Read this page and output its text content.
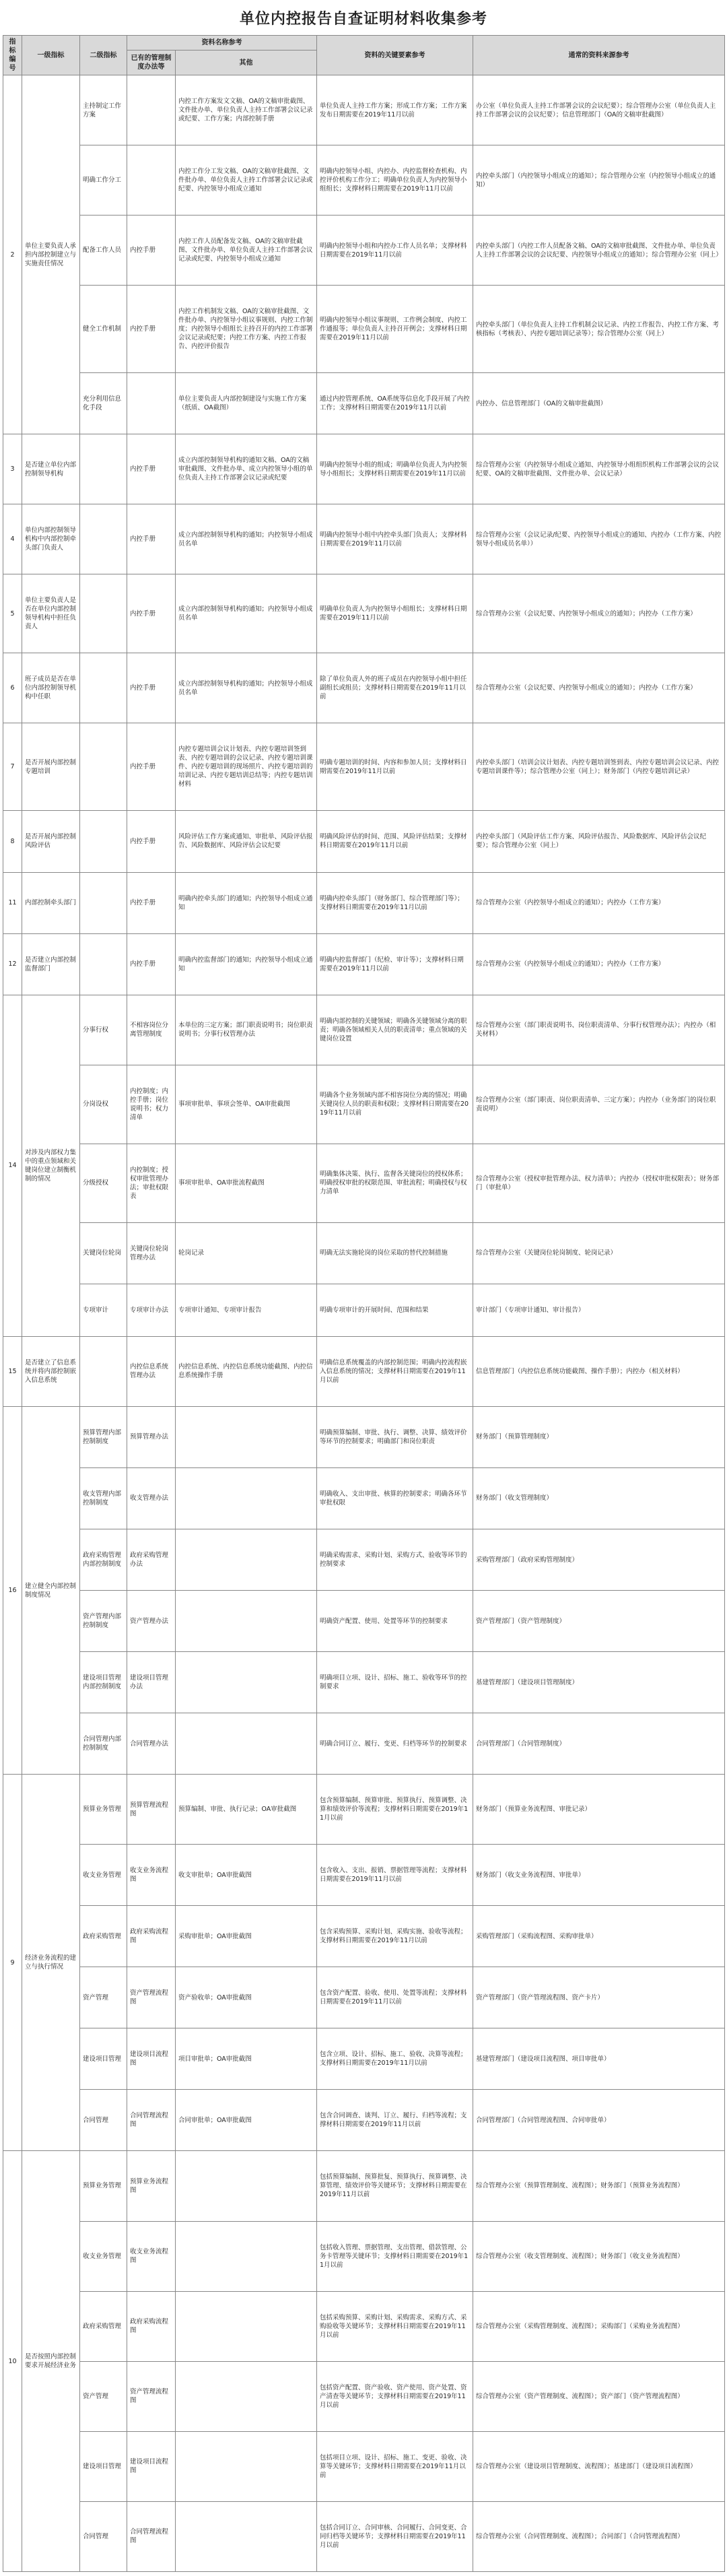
单位内控报告自查证明材料收集参考
指标编号	一级指标	二级指标	资料名称参考		资料的关键要素参考	通常的资料来源参考
			已有的管理制度办法等	其他		
2	单位主要负责人承担内部控制建立与实施责任情况	主持制定工作方案		内控工作方案发文文稿、OA的文稿审批截图、文件批办单、单位负责人主持工作部署会议记录或纪要、工作方案；内部控制手册	单位负责人主持工作方案；形成工作方案；工作方案发布日期需要在2019年11月以前	办公室（单位负责人主持工作部署会议的会议纪要）；综合管理办公室（单位负责人主持工作部署会议的会议纪要）；信息管理部门（OA的文稿审批截图）
		明确工作分工		内控工作分工发文稿、OA的文稿审批截图、文件批办单、单位负责人主持工作部署会议记录或纪要、内控领导小组成立通知	明确内控领导小组、内控办、内控监督检查机构、内控评价机构工作分工；明确单位负责人为内控领导小组组长；支撑材料日期需要在2019年11月以前	内控牵头部门（内控领导小组成立的通知）；综合管理办公室（内控领导小组成立的通知）
		配备工作人员	内控手册	内控工作人员配备发文稿、OA的文稿审批截图、文件批办单、单位负责人主持工作部署会议记录或纪要、内控领导小组成立通知	明确内控领导小组和内控办工作人员名单；支撑材料日期需要在2019年11月以前	内控牵头部门（内控工作人员配备文稿、OA的文稿审批截图、文件批办单、单位负责人主持工作部署会议的会议纪要、内控领导小组成立的通知）；综合管理办公室（同上）
		健全工作机制	内控手册	内控工作机制发文稿、OA的文稿审批截图、文件批办单、内控领导小组议事规则、内控工作制度；内控领导小组组长主持召开的内控工作部署会议记录或纪要；内控工作方案、内控工作报告、内控评价报告	明确内控领导小组议事规则、工作例会制度、内控工作通报等；单位负责人主持召开例会；支撑材料日期需要在2019年11月以前	内控牵头部门（单位负责人主持工作机制会议记录、内控工作报告、内控工作方案、考核指标（考核表）、内控专题培训记录等）；综合管理办公室（同上）
		充分利用信息化手段		单位主要负责人内部控制建设与实施工作方案（纸质、OA截图）	通过内控管理系统、OA系统等信息化手段开展了内控工作；支撑材料日期需要在2019年11月以前	内控办、信息管理部门（OA的文稿审批截图）
3	是否建立单位内部控制领导机构		内控手册	成立内部控制领导机构的通知文稿、OA的文稿审批截图、文件批办单、成立内控领导小组的单位负责人主持工作部署会议记录或纪要	明确内控领导小组的组成；明确单位负责人为内控领导小组组长；支撑材料日期需要在2019年11月以前	综合管理办公室（内控领导小组成立通知、内控领导小组组织机构工作部署会议的会议纪要、OA的文稿审批截图、文件批办单、会议记录）
4	单位内部控制领导机构中内部控制牵头部门负责人		内控手册	成立内部控制领导机构的通知；内控领导小组成员名单	明确内控领导小组中内控牵头部门负责人；支撑材料日期需要在2019年11月以前	综合管理办公室（会议记录/纪要、内控领导小组成立的通知、内控办（工作方案、内控领导小组成员名单））
5	单位主要负责人是否在单位内部控制领导机构中担任负责人		内控手册	成立内部控制领导机构的通知；内控领导小组成员名单	明确单位负责人为内控领导小组组长；支撑材料日期需要在2019年11月以前	综合管理办公室（会议纪要、内控领导小组成立的通知）；内控办（工作方案）
6	班子成员是否在单位内部控制领导机构中任职		内控手册	成立内部控制领导机构的通知；内控领导小组成员名单	除了单位负责人外的班子成员在内控领导小组中担任副组长或组员；支撑材料日期需要在2019年11月以前	综合管理办公室（会议纪要、内控领导小组成立的通知）；内控办（工作方案）
7	是否开展内部控制专题培训		内控手册	内控专题培训会议计划表、内控专题培训签到表、内控专题培训的会议记录、内控专题培训课件、内控专题培训的现场照片、内控专题培训的培训记录、内控专题培训总结等；内控专题培训材料	明确专题培训的时间、内容和参加人员；支撑材料日期需要在2019年11月以前	内控牵头部门（培训会议计划表、内控专题培训签到表、内控专题培训会议记录、内控专题培训课件等）；综合管理办公室（同上）；财务部门（内控专题培训记录）
8	是否开展内部控制风险评估		内控手册	风险评估工作方案或通知、审批单、风险评估报告、风险数据库、风险评估会议纪要	明确风险评估的时间、范围、风险评估结果；支撑材料日期需要在2019年11月以前	内控牵头部门（风险评估工作方案、风险评估报告、风险数据库、风险评估会议纪要）；综合管理办公室（同上）
11	内部控制牵头部门		内控手册	明确内控牵头部门的通知；内控领导小组成立通知	明确内控牵头部门（财务部门、综合管理部门等）；支撑材料日期需要在2019年11月以前	综合管理办公室（内控领导小组成立的通知）；内控办（工作方案）
12	是否建立内部控制监督部门		内控手册	明确内控监督部门的通知；内控领导小组成立通知	明确内控监督部门（纪检、审计等）；支撑材料日期需要在2019年11月以前	综合管理办公室（内控领导小组成立的通知）；内控办（工作方案）
14	对涉及内部权力集中的重点领域和关键岗位建立制衡机制的情况	分事行权	不相容岗位分离管理制度	本单位的三定方案；部门职责说明书；岗位职责说明书；分事行权管理办法	明确内部控制的关键领域；明确各关键领域分离的职责；明确各领域相关人员的职责清单；重点领域的关键岗位设置	综合管理办公室（部门职责说明书、岗位职责清单、分事行权管理办法）；内控办（相关材料）
		分岗设权	内控制度；内控手册；岗位说明书；权力清单	事项审批单、事项会签单、OA审批截图	明确各个业务领域内部不相容岗位分离的情况；明确关键岗位人员的职责和权限；支撑材料日期需要在2019年11月以前	综合管理办公室（部门职责、岗位职责清单、三定方案）；内控办（业务部门的岗位职责说明）
		分级授权	内控制度；授权审批管理办法；审批权限表	事项审批单、OA审批流程截图	明确集体决策、执行、监督各关键岗位的授权体系；明确授权审批的权限范围、审批流程；明确授权与权力清单	综合管理办公室（授权审批管理办法、权力清单）；内控办（授权审批权限表）；财务部门（审批单）
		关键岗位轮岗	关键岗位轮岗管理办法	轮岗记录	明确无法实施轮岗的岗位采取的替代控制措施	综合管理办公室（关键岗位轮岗制度、轮岗记录）
		专项审计	专项审计办法	专项审计通知、专项审计报告	明确专项审计的开展时间、范围和结果	审计部门（专项审计通知、审计报告）
15	是否建立了信息系统并将内部控制嵌入信息系统		内控信息系统管理办法	内控信息系统、内控信息系统功能截图、内控信息系统操作手册	明确信息系统覆盖的内部控制范围；明确内控流程嵌入信息系统的情况；支撑材料日期需要在2019年11月以前	信息管理部门（内控信息系统功能截图、操作手册）；内控办（相关材料）
16	建立健全内部控制制度情况	预算管理内部控制制度	预算管理办法		明确预算编制、审批、执行、调整、决算、绩效评价等环节的控制要求；明确部门和岗位职责	财务部门（预算管理制度）
		收支管理内部控制制度	收支管理办法		明确收入、支出审批、核算的控制要求；明确各环节审批权限	财务部门（收支管理制度）
		政府采购管理内部控制制度	政府采购管理办法		明确采购需求、采购计划、采购方式、验收等环节的控制要求	采购管理部门（政府采购管理制度）
		资产管理内部控制制度	资产管理办法		明确资产配置、使用、处置等环节的控制要求	资产管理部门（资产管理制度）
		建设项目管理内部控制制度	建设项目管理办法		明确项目立项、设计、招标、施工、验收等环节的控制要求	基建管理部门（建设项目管理制度）
		合同管理内部控制制度	合同管理办法		明确合同订立、履行、变更、归档等环节的控制要求	合同管理部门（合同管理制度）
9	经济业务流程的建立与执行情况	预算业务管理	预算管理流程图	预算编制、审批、执行记录；OA审批截图	包含预算编制、预算审批、预算执行、预算调整、决算和绩效评价等流程；支撑材料日期需要在2019年11月以前	财务部门（预算业务流程图、审批记录）
		收支业务管理	收支业务流程图	收支审批单；OA审批截图	包含收入、支出、报销、票据管理等流程；支撑材料日期需要在2019年11月以前	财务部门（收支业务流程图、审批单）
		政府采购管理	政府采购流程图	采购审批单；OA审批截图	包含采购预算、采购计划、采购实施、验收等流程；支撑材料日期需要在2019年11月以前	采购管理部门（采购流程图、采购审批单）
		资产管理	资产管理流程图	资产验收单；OA审批截图	包含资产配置、验收、使用、处置等流程；支撑材料日期需要在2019年11月以前	资产管理部门（资产管理流程图、资产卡片）
		建设项目管理	建设项目流程图	项目审批单；OA审批截图	包含立项、设计、招标、施工、验收、决算等流程；支撑材料日期需要在2019年11月以前	基建管理部门（建设项目流程图、项目审批单）
		合同管理	合同管理流程图	合同审批单；OA审批截图	包含合同调查、谈判、订立、履行、归档等流程；支撑材料日期需要在2019年11月以前	合同管理部门（合同管理流程图、合同审批单）
10	是否按照内部控制要求开展经济业务	预算业务管理	预算业务流程图		包括预算编制、预算批复、预算执行、预算调整、决算管理、绩效评价等关键环节；支撑材料日期需要在2019年11月以前	综合管理办公室（预算管理制度、流程图）；财务部门（预算业务流程图）
		收支业务管理	收支业务流程图		包括收入管理、票据管理、支出管理、借款管理、公务卡管理等关键环节；支撑材料日期需要在2019年11月以前	综合管理办公室（收支管理制度、流程图）；财务部门（收支业务流程图）
		政府采购管理	政府采购流程图		包括采购预算、采购计划、采购需求、采购方式、采购验收等关键环节；支撑材料日期需要在2019年11月以前	综合管理办公室（采购管理制度、流程图）；采购部门（采购业务流程图）
		资产管理	资产管理流程图		包括资产配置、资产验收、资产使用、资产处置、资产清查等关键环节；支撑材料日期需要在2019年11月以前	综合管理办公室（资产管理制度、流程图）；资产部门（资产管理流程图）
		建设项目管理	建设项目流程图		包括项目立项、设计、招标、施工、变更、验收、决算等关键环节；支撑材料日期需要在2019年11月以前	综合管理办公室（建设项目管理制度、流程图）；基建部门（建设项目流程图）
		合同管理	合同管理流程图		包括合同订立、合同审核、合同履行、合同变更、合同归档等关键环节；支撑材料日期需要在2019年11月以前	综合管理办公室（合同管理制度、流程图）；合同部门（合同管理流程图）
